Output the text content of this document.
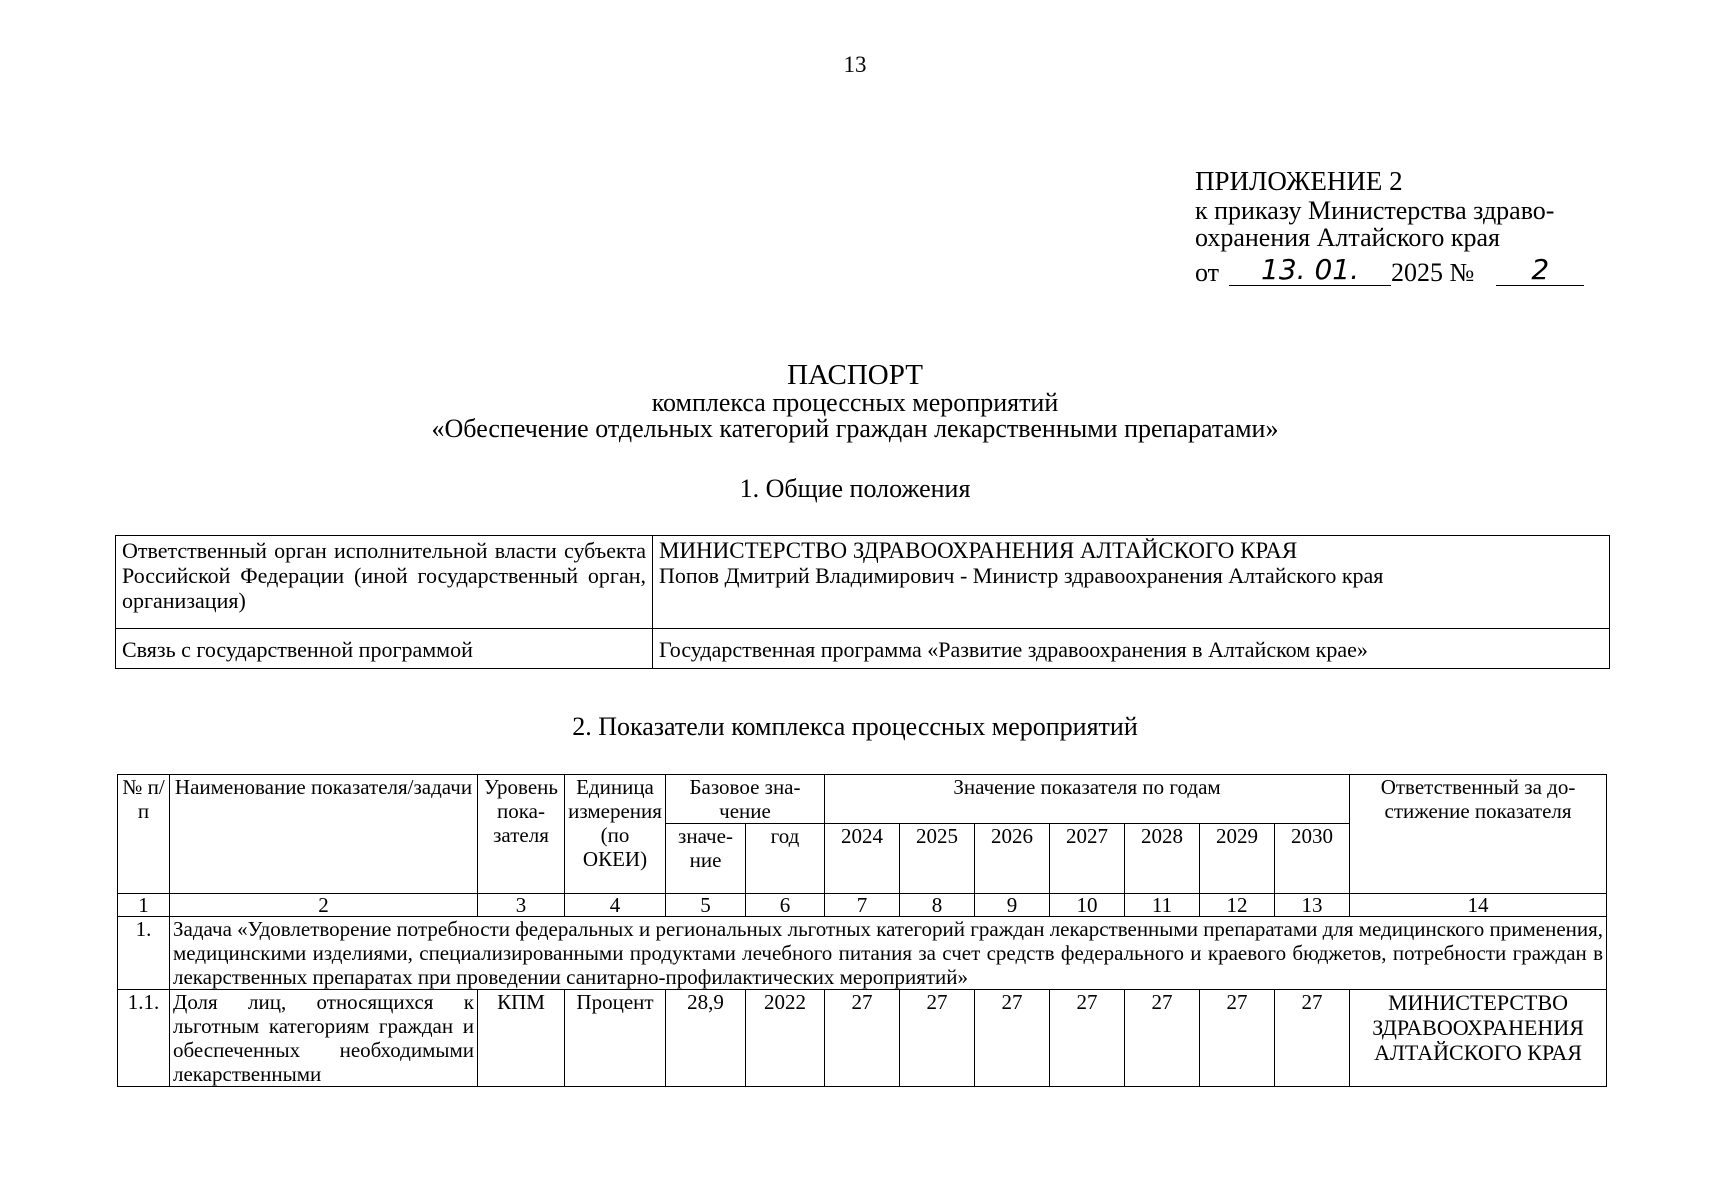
13
ПРИЛОЖЕНИЕ 2
к приказу Министерства здраво-
охранения Алтайского края
от	13. 01.	2025 №	2
ПАСПОРТ
комплекса процессных мероприятий
«Обеспечение отдельных категорий граждан лекарственными препаратами»
1. Общие положения
Ответственный орган исполнительной власти субъекта Российской Федерации (иной государственный орган, организация)	МИНИСТЕРСТВО ЗДРАВООХРАНЕНИЯ АЛТАЙСКОГО КРАЯ
Попов Дмитрий Владимирович - Министр здравоохранения Алтайского края

Связь с государственной программой	Государственная программа «Развитие здравоохранения в Алтайском крае»
2. Показатели комплекса процессных мероприятий
№ п/п	Наименование показателя/задачи	Уровень показателя	Единица измерения (по ОКЕИ)	Базовое значение		Значение показателя по годам							Ответственный за достижение показателя
				значение	год	2024	2025	2026	2027	2028	2029	2030	
1	2	3	4	5	6	7	8	9	10	11	12	13	14
1.	Задача «Удовлетворение потребности федеральных и региональных льготных категорий граждан лекарственными препаратами для медицинского применения, медицинскими изделиями, специализированными продуктами лечебного питания за счет средств федерального и краевого бюджетов, потребности граждан в лекарственных препаратах при проведении санитарно-профилактических мероприятий»												
1.1.	Доля лиц, относящихся к льготным категориям граждан и обеспеченных необходимыми лекарственными	КПМ	Процент	28,9	2022	27	27	27	27	27	27	27	МИНИСТЕРСТВО ЗДРАВООХРАНЕНИЯ АЛТАЙСКОГО КРАЯ
